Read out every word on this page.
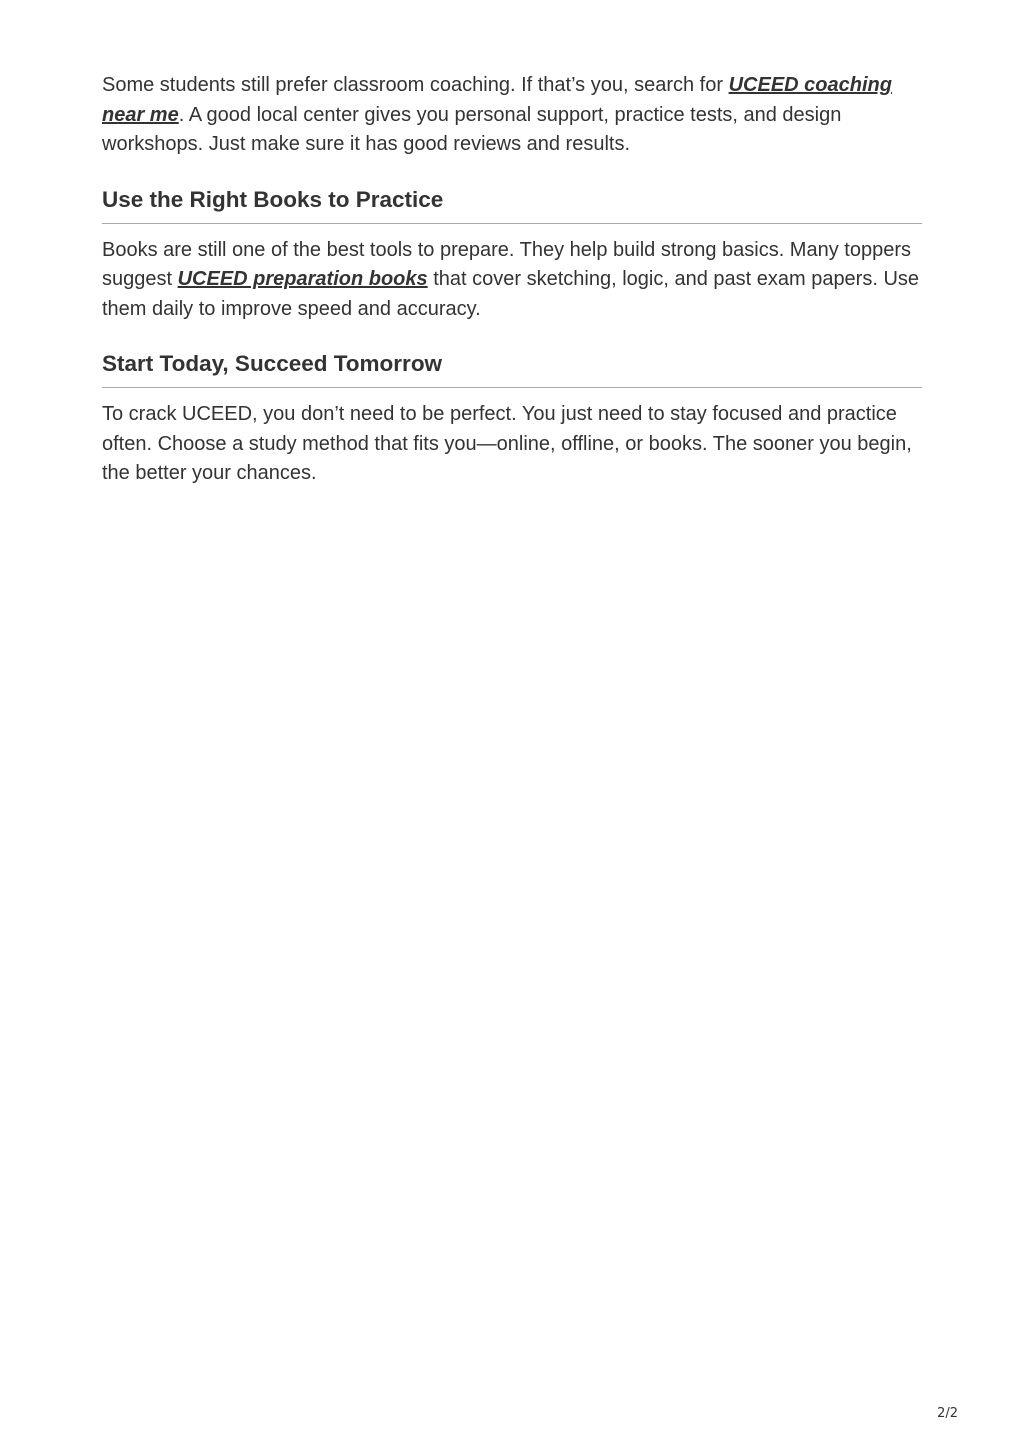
Some students still prefer classroom coaching. If that’s you, search for UCEED coaching near me. A good local center gives you personal support, practice tests, and design workshops. Just make sure it has good reviews and results.

Use the Right Books to Practice

Books are still one of the best tools to prepare. They help build strong basics. Many toppers suggest UCEED preparation books that cover sketching, logic, and past exam papers. Use them daily to improve speed and accuracy.

Start Today, Succeed Tomorrow

To crack UCEED, you don’t need to be perfect. You just need to stay focused and practice often. Choose a study method that fits you—online, offline, or books. The sooner you begin, the better your chances.

2/2
